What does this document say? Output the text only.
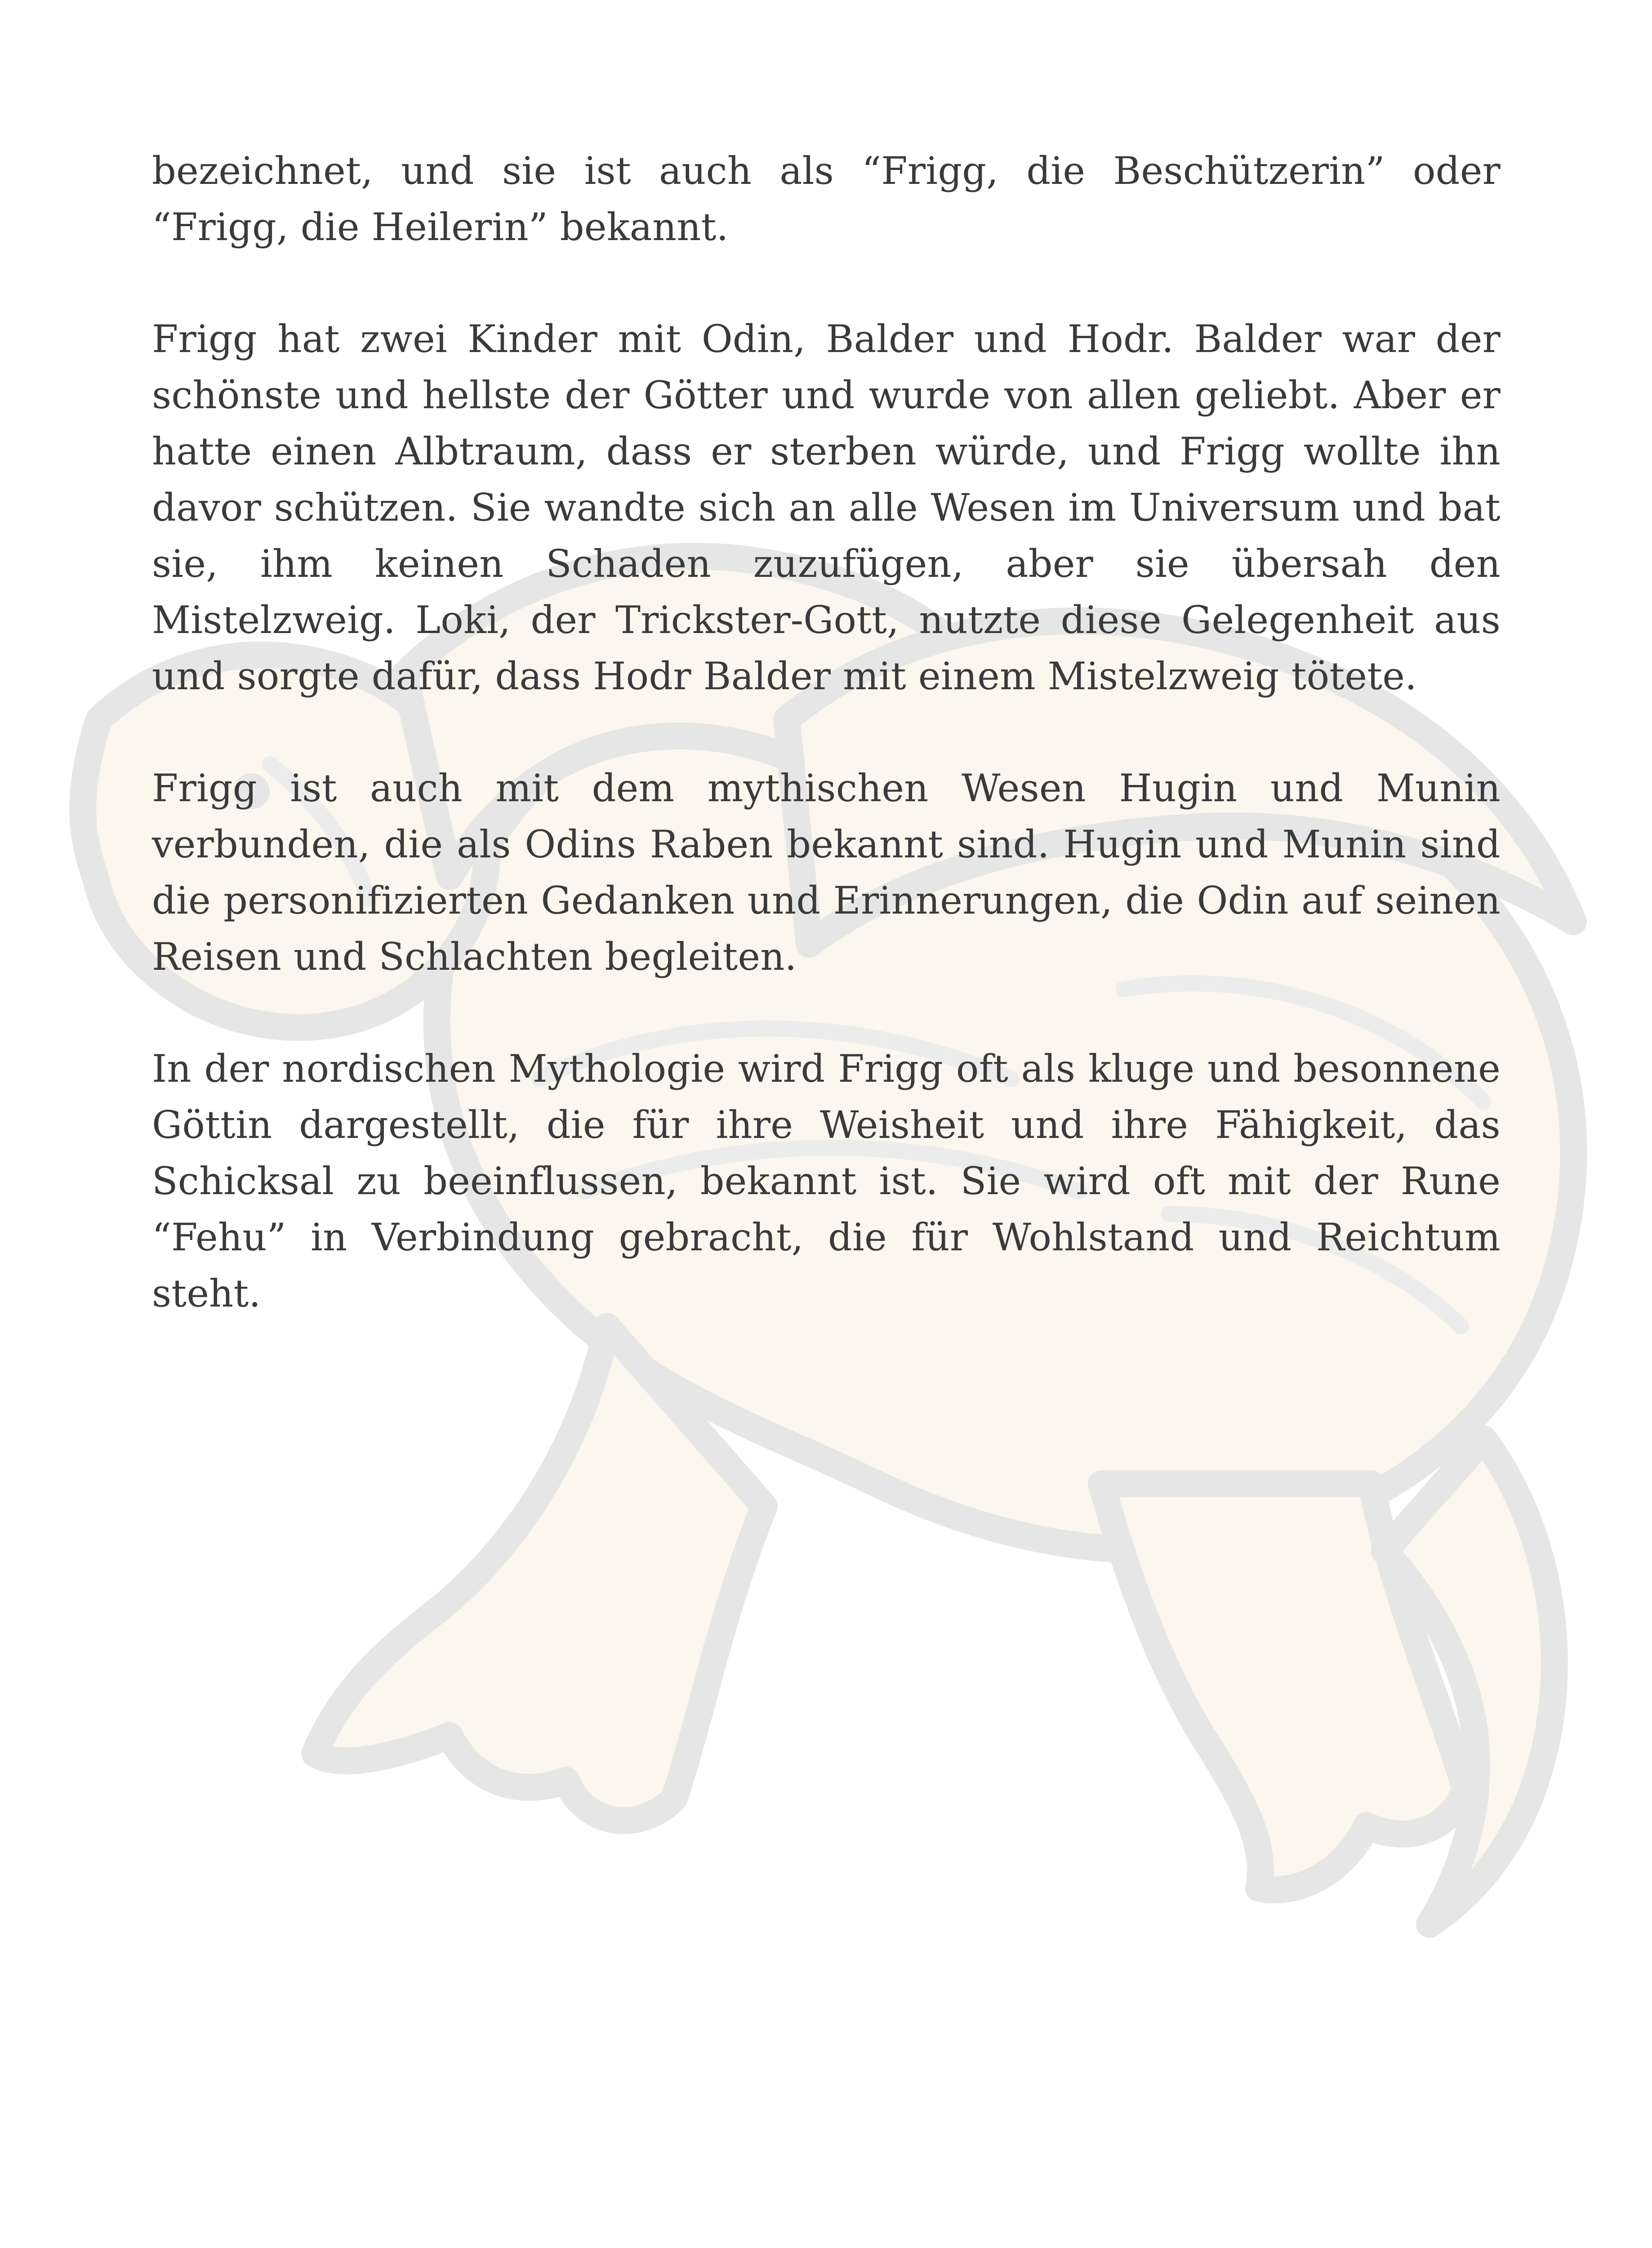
bezeichnet, und sie ist auch als “Frigg, die Beschützerin” oder “Frigg, die Heilerin” bekannt.

Frigg hat zwei Kinder mit Odin, Balder und Hodr. Balder war der schönste und hellste der Götter und wurde von allen geliebt. Aber er hatte einen Albtraum, dass er sterben würde, und Frigg wollte ihn davor schützen. Sie wandte sich an alle Wesen im Universum und bat sie, ihm keinen Schaden zuzufügen, aber sie übersah den Mistelzweig. Loki, der Trickster-Gott, nutzte diese Gelegenheit aus und sorgte dafür, dass Hodr Balder mit einem Mistelzweig tötete.

Frigg ist auch mit dem mythischen Wesen Hugin und Munin verbunden, die als Odins Raben bekannt sind. Hugin und Munin sind die personifizierten Gedanken und Erinnerungen, die Odin auf seinen Reisen und Schlachten begleiten.

In der nordischen Mythologie wird Frigg oft als kluge und besonnene Göttin dargestellt, die für ihre Weisheit und ihre Fähigkeit, das Schicksal zu beeinflussen, bekannt ist. Sie wird oft mit der Rune “Fehu” in Verbindung gebracht, die für Wohlstand und Reichtum steht.
